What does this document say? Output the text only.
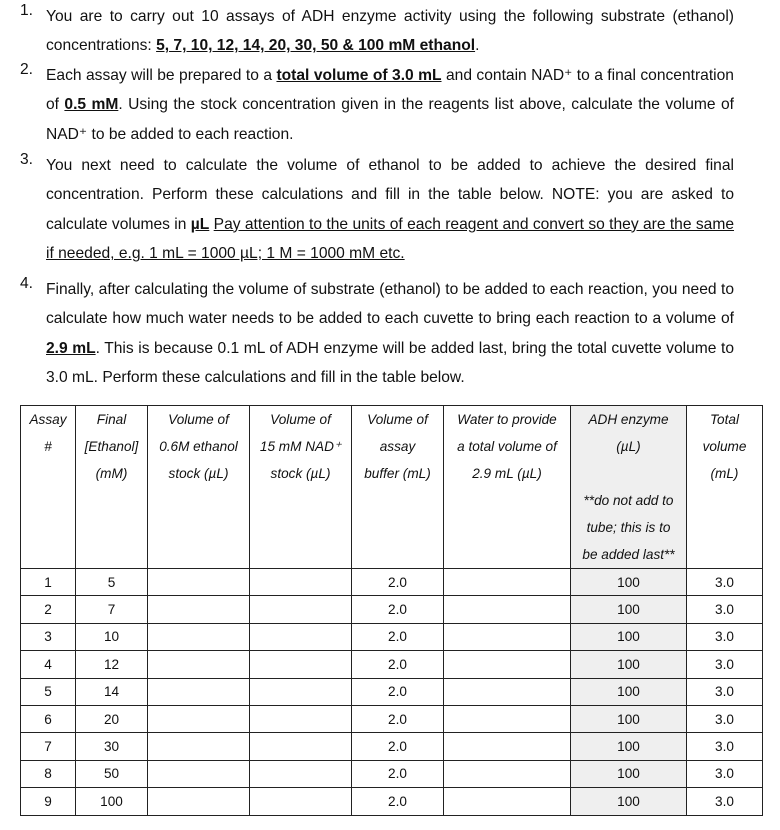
1. You are to carry out 10 assays of ADH enzyme activity using the following substrate (ethanol) concentrations: 5, 7, 10, 12, 14, 20, 30, 50 & 100 mM ethanol.
2. Each assay will be prepared to a total volume of 3.0 mL and contain NAD⁺ to a final concentration of 0.5 mM. Using the stock concentration given in the reagents list above, calculate the volume of NAD⁺ to be added to each reaction.
3. You next need to calculate the volume of ethanol to be added to achieve the desired final concentration. Perform these calculations and fill in the table below. NOTE: you are asked to calculate volumes in µL Pay attention to the units of each reagent and convert so they are the same if needed, e.g. 1 mL = 1000 µL; 1 M = 1000 mM etc.
4. Finally, after calculating the volume of substrate (ethanol) to be added to each reaction, you need to calculate how much water needs to be added to each cuvette to bring each reaction to a volume of 2.9 mL. This is because 0.1 mL of ADH enzyme will be added last, bring the total cuvette volume to 3.0 mL. Perform these calculations and fill in the table below.
Assay
#	Final
[Ethanol]
(mM)	Volume of
0.6M ethanol
stock (µL)	Volume of
15 mM NAD⁺
stock (µL)	Volume of
assay
buffer (mL)	Water to provide
a total volume of
2.9 mL (µL)	ADH enzyme
(µL)
**do not add to
tube; this is to
be added last**	Total
volume
(mL)

1	5			2.0		100	3.0
2	7			2.0		100	3.0
3	10			2.0		100	3.0
4	12			2.0		100	3.0
5	14			2.0		100	3.0
6	20			2.0		100	3.0
7	30			2.0		100	3.0
8	50			2.0		100	3.0
9	100			2.0		100	3.0
